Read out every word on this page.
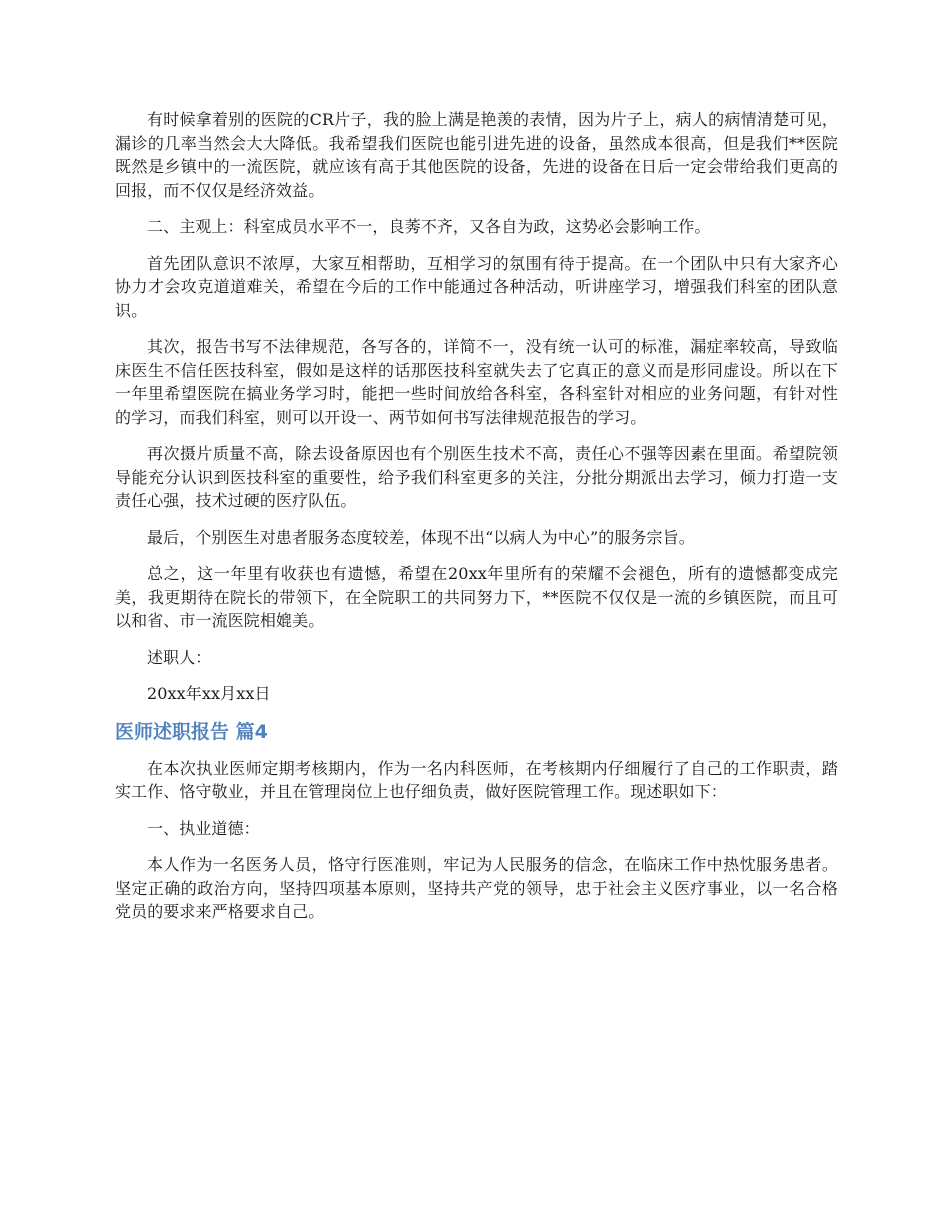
有时候拿着别的医院的CR片子，我的脸上满是艳羡的表情，因为片子上，病人的病情清楚可见，漏诊的几率当然会大大降低。我希望我们医院也能引进先进的设备，虽然成本很高，但是我们**医院既然是乡镇中的一流医院，就应该有高于其他医院的设备，先进的设备在日后一定会带给我们更高的回报，而不仅仅是经济效益。

二、主观上：科室成员水平不一，良莠不齐，又各自为政，这势必会影响工作。

首先团队意识不浓厚，大家互相帮助，互相学习的氛围有待于提高。在一个团队中只有大家齐心协力才会攻克道道难关，希望在今后的工作中能通过各种活动，听讲座学习，增强我们科室的团队意识。

其次，报告书写不法律规范，各写各的，详简不一，没有统一认可的标准，漏症率较高，导致临床医生不信任医技科室，假如是这样的话那医技科室就失去了它真正的意义而是形同虚设。所以在下一年里希望医院在搞业务学习时，能把一些时间放给各科室，各科室针对相应的业务问题，有针对性的学习，而我们科室，则可以开设一、两节如何书写法律规范报告的学习。

再次摄片质量不高，除去设备原因也有个别医生技术不高，责任心不强等因素在里面。希望院领导能充分认识到医技科室的重要性，给予我们科室更多的关注，分批分期派出去学习，倾力打造一支责任心强，技术过硬的医疗队伍。

最后，个别医生对患者服务态度较差，体现不出“以病人为中心”的服务宗旨。

总之，这一年里有收获也有遗憾，希望在20xx年里所有的荣耀不会褪色，所有的遗憾都变成完美，我更期待在院长的带领下，在全院职工的共同努力下，**医院不仅仅是一流的乡镇医院，而且可以和省、市一流医院相媲美。

述职人：

20xx年xx月xx日

医师述职报告 篇4

在本次执业医师定期考核期内，作为一名内科医师，在考核期内仔细履行了自己的工作职责，踏实工作、恪守敬业，并且在管理岗位上也仔细负责，做好医院管理工作。现述职如下：

一、执业道德：

本人作为一名医务人员，恪守行医准则，牢记为人民服务的信念，在临床工作中热忱服务患者。坚定正确的政治方向，坚持四项基本原则，坚持共产党的领导，忠于社会主义医疗事业，以一名合格党员的要求来严格要求自己。
